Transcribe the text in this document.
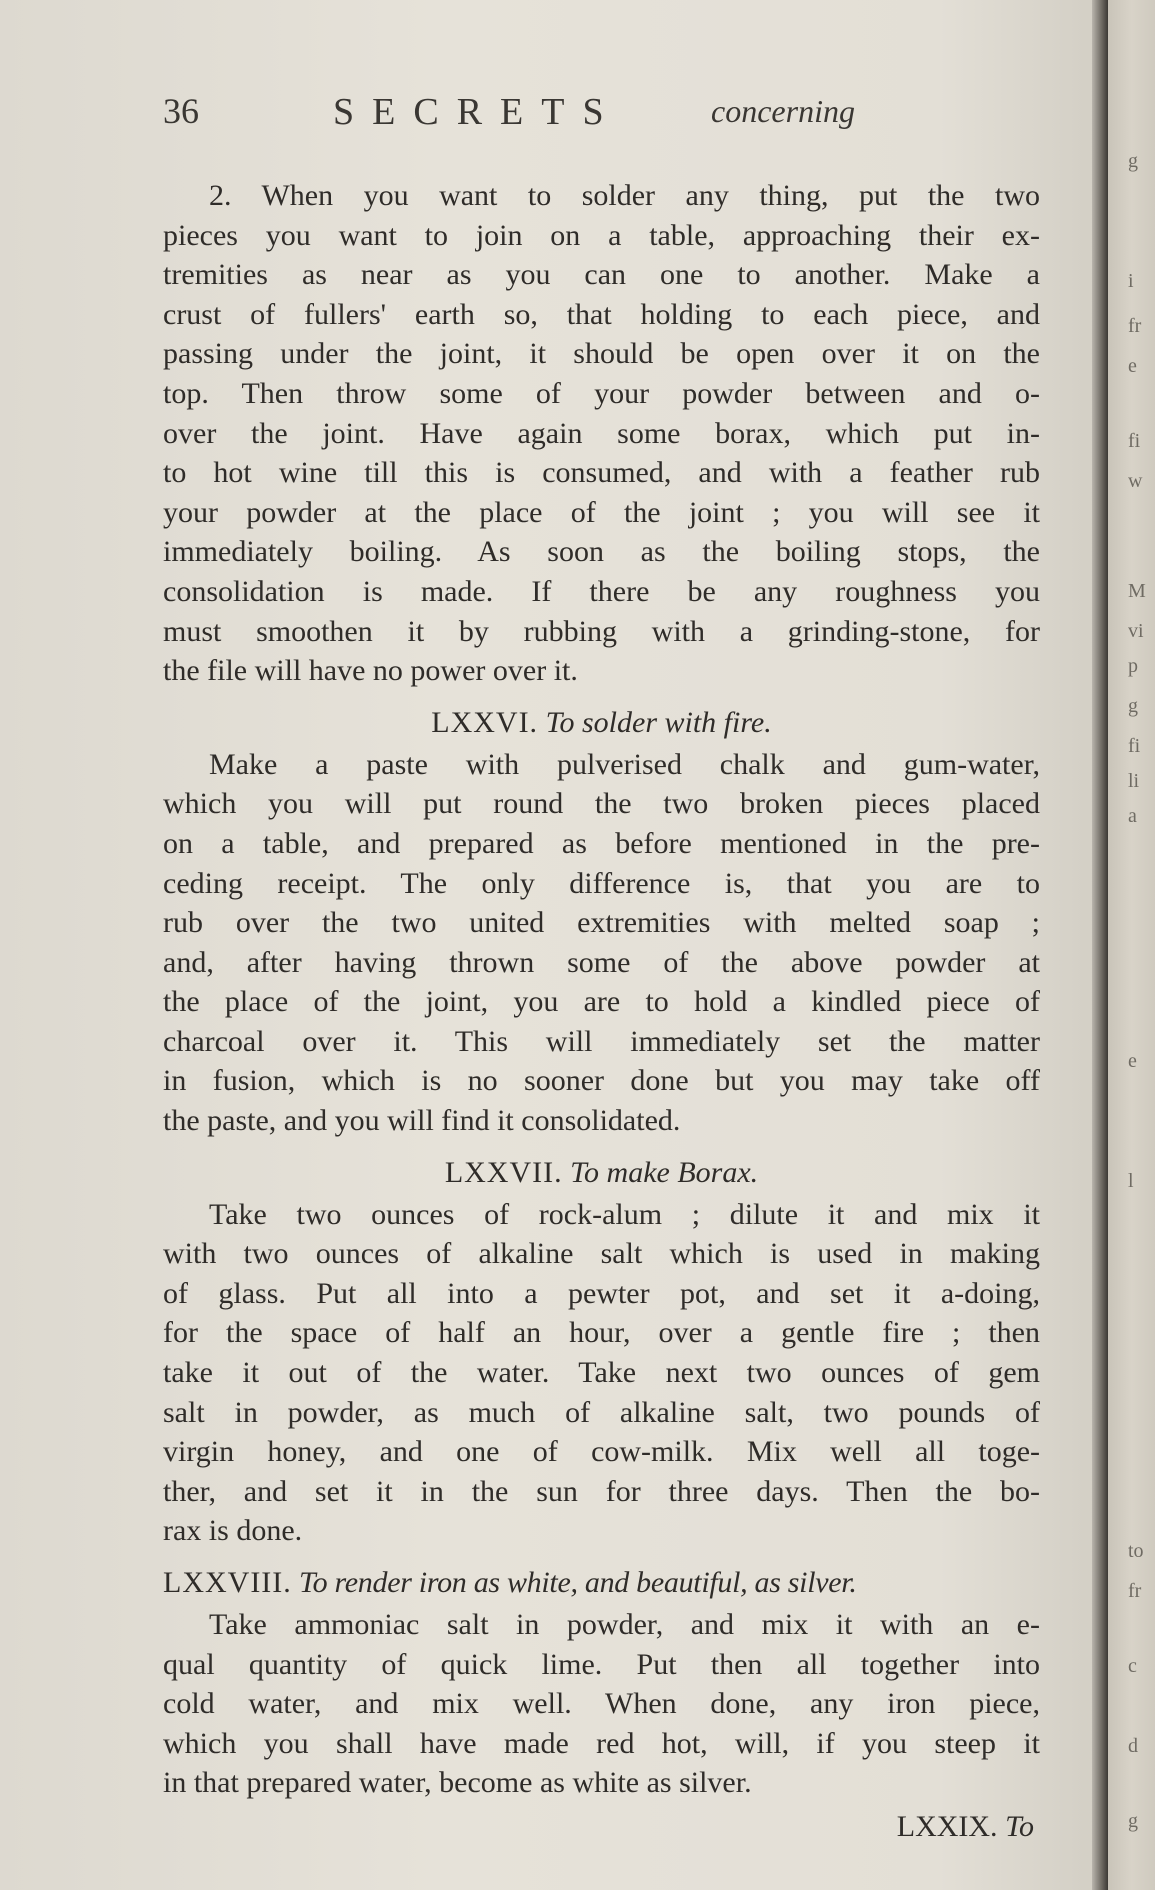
36	SECRETS	concerning

2. When you want to solder any thing, put the two

pieces you want to join on a table, approaching their ex-

tremities as near as you can one to another. Make a

crust of fullers' earth so, that holding to each piece, and

passing under the joint, it should be open over it on the

top. Then throw some of your powder between and o-

over the joint. Have again some borax, which put in-

to hot wine till this is consumed, and with a feather rub

your powder at the place of the joint ; you will see it

immediately boiling. As soon as the boiling stops, the

consolidation is made. If there be any roughness you

must smoothen it by rubbing with a grinding-stone, for

the file will have no power over it.

LXXVI. To solder with fire.

Make a paste with pulverised chalk and gum-water,

which you will put round the two broken pieces placed

on a table, and prepared as before mentioned in the pre-

ceding receipt. The only difference is, that you are to

rub over the two united extremities with melted soap ;

and, after having thrown some of the above powder at

the place of the joint, you are to hold a kindled piece of

charcoal over it. This will immediately set the matter

in fusion, which is no sooner done but you may take off

the paste, and you will find it consolidated.

LXXVII. To make Borax.

Take two ounces of rock-alum ; dilute it and mix it

with two ounces of alkaline salt which is used in making

of glass. Put all into a pewter pot, and set it a-doing,

for the space of half an hour, over a gentle fire ; then

take it out of the water. Take next two ounces of gem

salt in powder, as much of alkaline salt, two pounds of

virgin honey, and one of cow-milk. Mix well all toge-

ther, and set it in the sun for three days. Then the bo-

rax is done.

LXXVIII. To render iron as white, and beautiful, as silver.

Take ammoniac salt in powder, and mix it with an e-

qual quantity of quick lime. Put then all together into

cold water, and mix well. When done, any iron piece,

which you shall have made red hot, will, if you steep it

in that prepared water, become as white as silver.

LXXIX. To
g
i
fr
e
fi
w
M
vi
p
g
fi
li
a
e
l
to
fr
c
d
g
